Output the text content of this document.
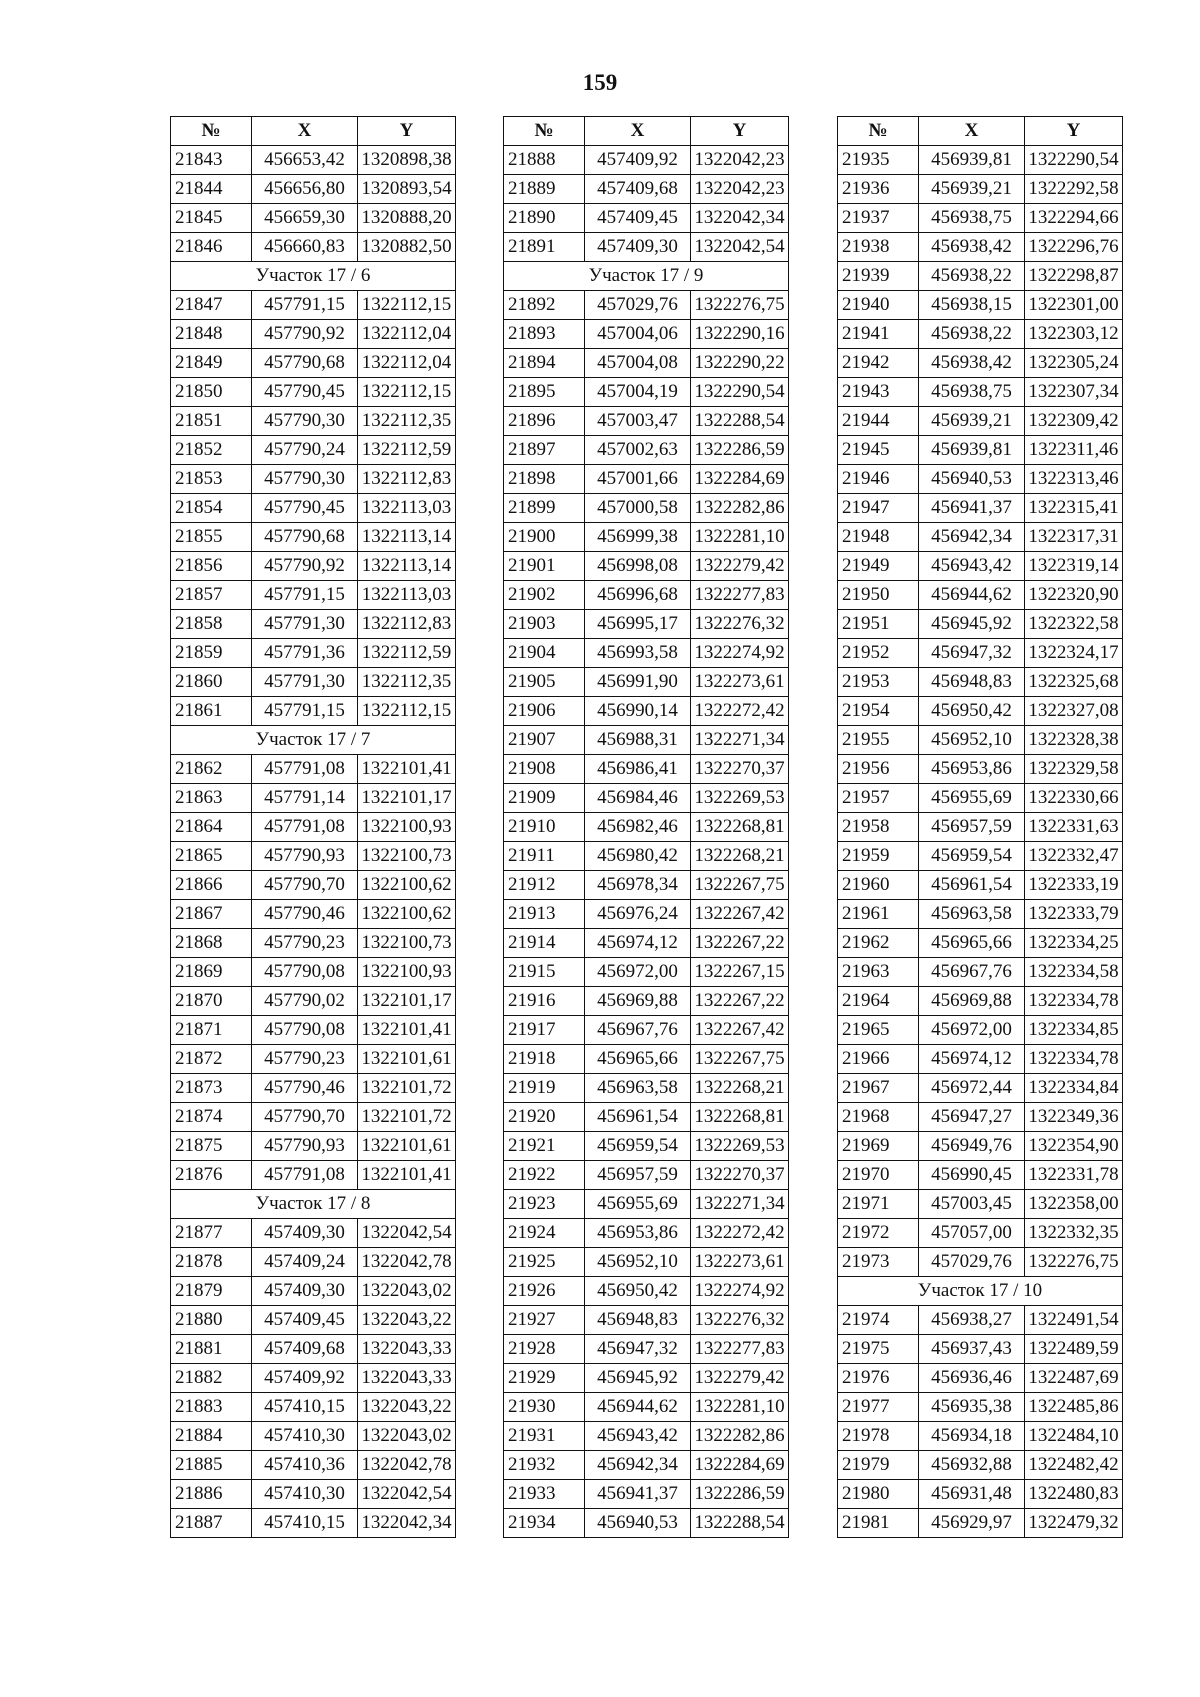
159
№	X	Y
21843	456653,42	1320898,38
21844	456656,80	1320893,54
21845	456659,30	1320888,20
21846	456660,83	1320882,50
Участок 17 / 6		
21847	457791,15	1322112,15
21848	457790,92	1322112,04
21849	457790,68	1322112,04
21850	457790,45	1322112,15
21851	457790,30	1322112,35
21852	457790,24	1322112,59
21853	457790,30	1322112,83
21854	457790,45	1322113,03
21855	457790,68	1322113,14
21856	457790,92	1322113,14
21857	457791,15	1322113,03
21858	457791,30	1322112,83
21859	457791,36	1322112,59
21860	457791,30	1322112,35
21861	457791,15	1322112,15
Участок 17 / 7		
21862	457791,08	1322101,41
21863	457791,14	1322101,17
21864	457791,08	1322100,93
21865	457790,93	1322100,73
21866	457790,70	1322100,62
21867	457790,46	1322100,62
21868	457790,23	1322100,73
21869	457790,08	1322100,93
21870	457790,02	1322101,17
21871	457790,08	1322101,41
21872	457790,23	1322101,61
21873	457790,46	1322101,72
21874	457790,70	1322101,72
21875	457790,93	1322101,61
21876	457791,08	1322101,41
Участок 17 / 8		
21877	457409,30	1322042,54
21878	457409,24	1322042,78
21879	457409,30	1322043,02
21880	457409,45	1322043,22
21881	457409,68	1322043,33
21882	457409,92	1322043,33
21883	457410,15	1322043,22
21884	457410,30	1322043,02
21885	457410,36	1322042,78
21886	457410,30	1322042,54
21887	457410,15	1322042,34
№	X	Y
21888	457409,92	1322042,23
21889	457409,68	1322042,23
21890	457409,45	1322042,34
21891	457409,30	1322042,54
Участок 17 / 9		
21892	457029,76	1322276,75
21893	457004,06	1322290,16
21894	457004,08	1322290,22
21895	457004,19	1322290,54
21896	457003,47	1322288,54
21897	457002,63	1322286,59
21898	457001,66	1322284,69
21899	457000,58	1322282,86
21900	456999,38	1322281,10
21901	456998,08	1322279,42
21902	456996,68	1322277,83
21903	456995,17	1322276,32
21904	456993,58	1322274,92
21905	456991,90	1322273,61
21906	456990,14	1322272,42
21907	456988,31	1322271,34
21908	456986,41	1322270,37
21909	456984,46	1322269,53
21910	456982,46	1322268,81
21911	456980,42	1322268,21
21912	456978,34	1322267,75
21913	456976,24	1322267,42
21914	456974,12	1322267,22
21915	456972,00	1322267,15
21916	456969,88	1322267,22
21917	456967,76	1322267,42
21918	456965,66	1322267,75
21919	456963,58	1322268,21
21920	456961,54	1322268,81
21921	456959,54	1322269,53
21922	456957,59	1322270,37
21923	456955,69	1322271,34
21924	456953,86	1322272,42
21925	456952,10	1322273,61
21926	456950,42	1322274,92
21927	456948,83	1322276,32
21928	456947,32	1322277,83
21929	456945,92	1322279,42
21930	456944,62	1322281,10
21931	456943,42	1322282,86
21932	456942,34	1322284,69
21933	456941,37	1322286,59
21934	456940,53	1322288,54
№	X	Y
21935	456939,81	1322290,54
21936	456939,21	1322292,58
21937	456938,75	1322294,66
21938	456938,42	1322296,76
21939	456938,22	1322298,87
21940	456938,15	1322301,00
21941	456938,22	1322303,12
21942	456938,42	1322305,24
21943	456938,75	1322307,34
21944	456939,21	1322309,42
21945	456939,81	1322311,46
21946	456940,53	1322313,46
21947	456941,37	1322315,41
21948	456942,34	1322317,31
21949	456943,42	1322319,14
21950	456944,62	1322320,90
21951	456945,92	1322322,58
21952	456947,32	1322324,17
21953	456948,83	1322325,68
21954	456950,42	1322327,08
21955	456952,10	1322328,38
21956	456953,86	1322329,58
21957	456955,69	1322330,66
21958	456957,59	1322331,63
21959	456959,54	1322332,47
21960	456961,54	1322333,19
21961	456963,58	1322333,79
21962	456965,66	1322334,25
21963	456967,76	1322334,58
21964	456969,88	1322334,78
21965	456972,00	1322334,85
21966	456974,12	1322334,78
21967	456972,44	1322334,84
21968	456947,27	1322349,36
21969	456949,76	1322354,90
21970	456990,45	1322331,78
21971	457003,45	1322358,00
21972	457057,00	1322332,35
21973	457029,76	1322276,75
Участок 17 / 10		
21974	456938,27	1322491,54
21975	456937,43	1322489,59
21976	456936,46	1322487,69
21977	456935,38	1322485,86
21978	456934,18	1322484,10
21979	456932,88	1322482,42
21980	456931,48	1322480,83
21981	456929,97	1322479,32
